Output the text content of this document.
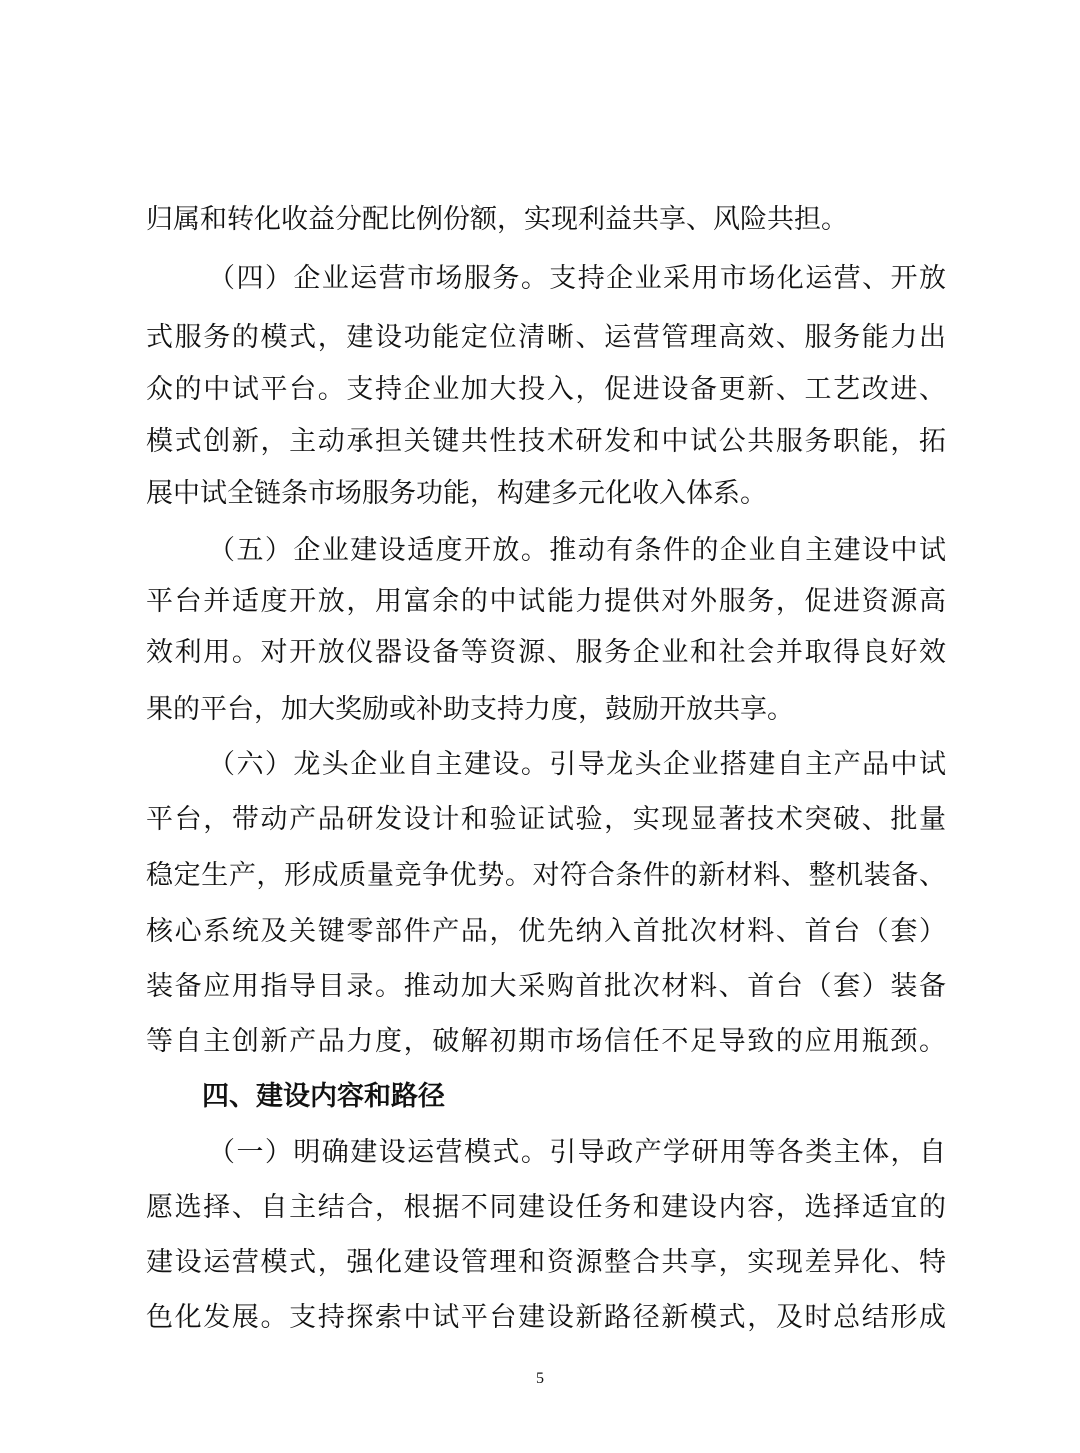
归属和转化收益分配比例份额，实现利益共享、风险共担。
（四）企业运营市场服务。支持企业采用市场化运营、开放
式服务的模式，建设功能定位清晰、运营管理高效、服务能力出
众的中试平台。支持企业加大投入，促进设备更新、工艺改进、
模式创新，主动承担关键共性技术研发和中试公共服务职能，拓
展中试全链条市场服务功能，构建多元化收入体系。
（五）企业建设适度开放。推动有条件的企业自主建设中试
平台并适度开放，用富余的中试能力提供对外服务，促进资源高
效利用。对开放仪器设备等资源、服务企业和社会并取得良好效
果的平台，加大奖励或补助支持力度，鼓励开放共享。
（六）龙头企业自主建设。引导龙头企业搭建自主产品中试
平台，带动产品研发设计和验证试验，实现显著技术突破、批量
稳定生产，形成质量竞争优势。对符合条件的新材料、整机装备、
核心系统及关键零部件产品，优先纳入首批次材料、首台（套）
装备应用指导目录。推动加大采购首批次材料、首台（套）装备
等自主创新产品力度，破解初期市场信任不足导致的应用瓶颈。
四、建设内容和路径
（一）明确建设运营模式。引导政产学研用等各类主体，自
愿选择、自主结合，根据不同建设任务和建设内容，选择适宜的
建设运营模式，强化建设管理和资源整合共享，实现差异化、特
色化发展。支持探索中试平台建设新路径新模式，及时总结形成
5
